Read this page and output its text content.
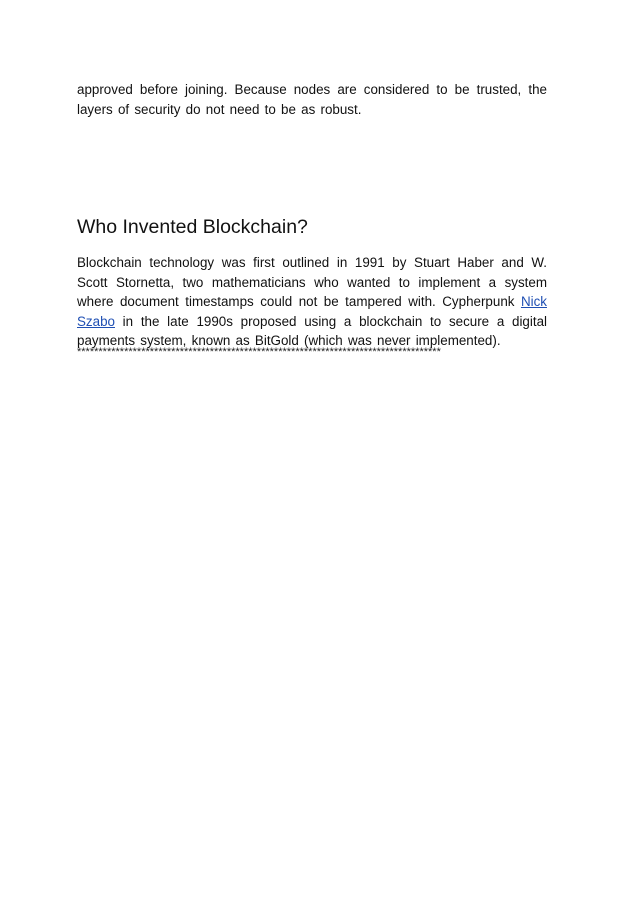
approved before joining. Because nodes are considered to be trusted, the layers of security do not need to be as robust.

Who Invented Blockchain?

Blockchain technology was first outlined in 1991 by Stuart Haber and W. Scott Stornetta, two mathematicians who wanted to implement a system where document timestamps could not be tampered with. Cypherpunk Nick Szabo in the late 1990s proposed using a blockchain to secure a digital payments system, known as BitGold (which was never implemented).

*************************************************************************************
